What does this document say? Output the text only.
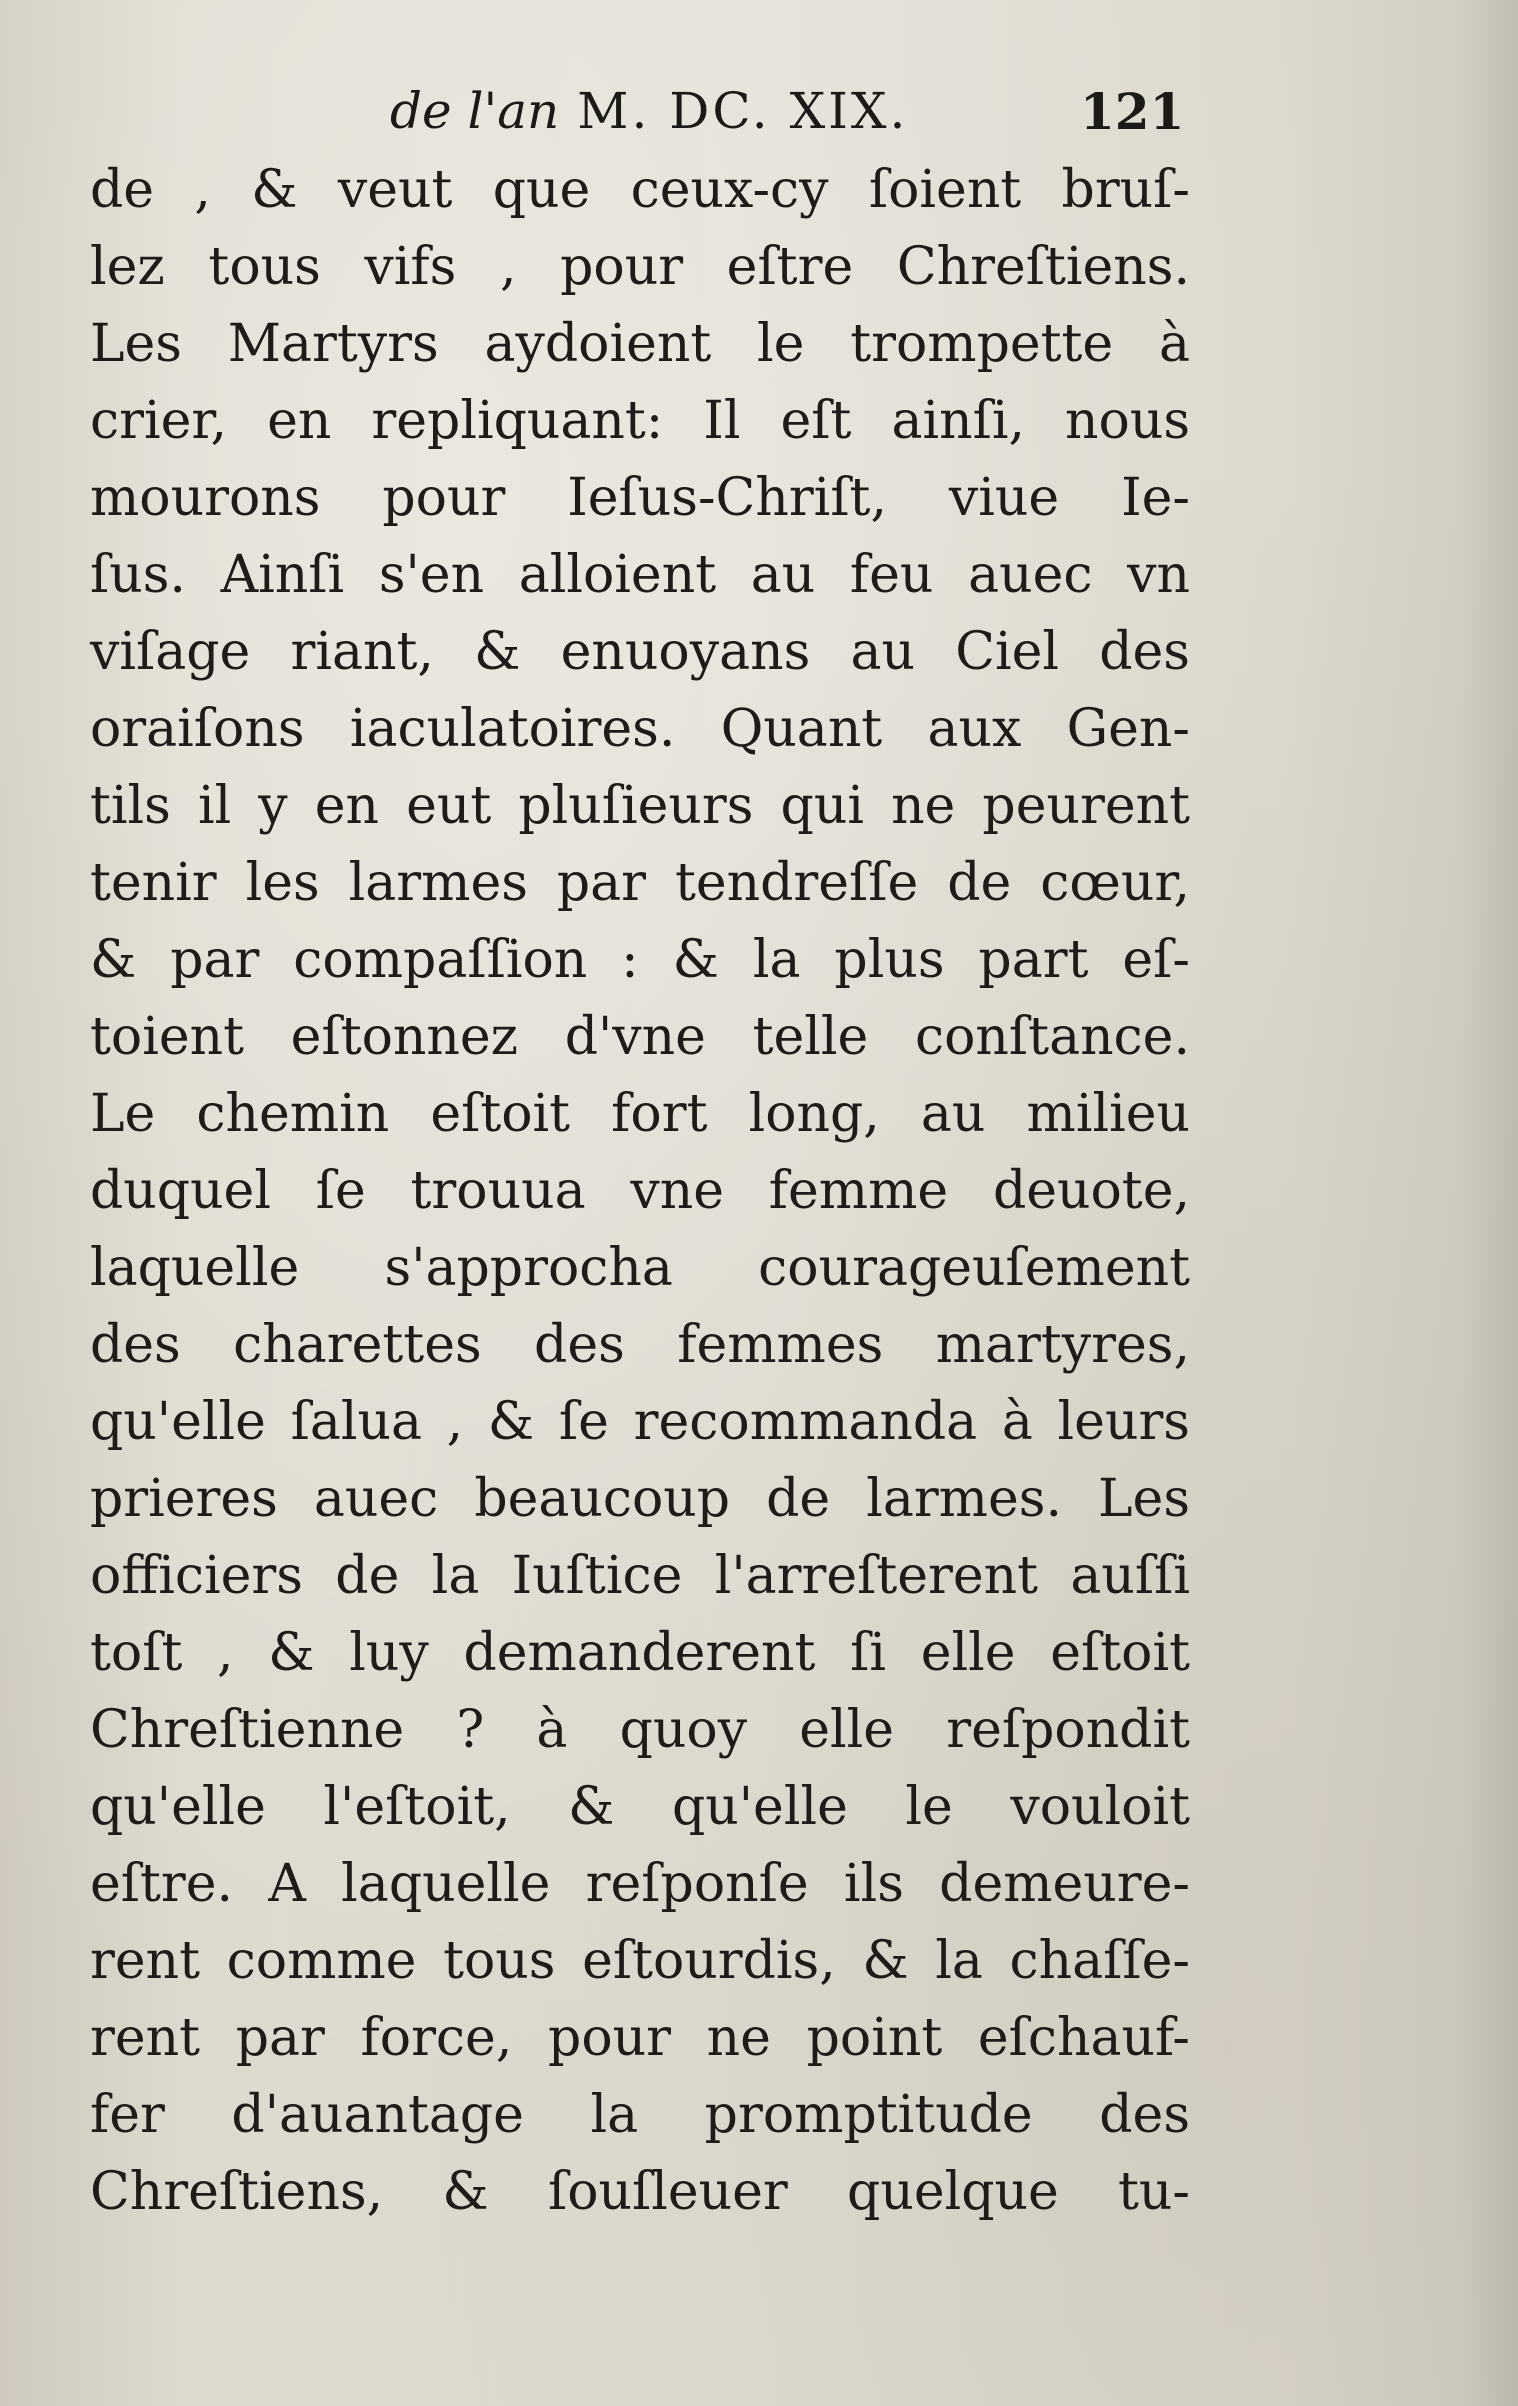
de l'an M. DC. XIX.	121
de , & veut que ceux-cy ſoient bruſ-
lez tous vifs , pour eſtre Chreſtiens.
Les Martyrs aydoient le trompette à
crier, en repliquant: Il eſt ainſi, nous
mourons pour Ieſus-Chriſt, viue Ie-
ſus. Ainſi s'en alloient au feu auec vn
viſage riant, & enuoyans au Ciel des
oraiſons iaculatoires. Quant aux Gen-
tils il y en eut pluſieurs qui ne peurent
tenir les larmes par tendreſſe de cœur,
& par compaſſion : & la plus part eſ-
toient eſtonnez d'vne telle conſtance.
Le chemin eſtoit fort long, au milieu
duquel ſe trouua vne femme deuote,
laquelle s'approcha courageuſement
des charettes des femmes martyres,
qu'elle ſalua , & ſe recommanda à leurs
prieres auec beaucoup de larmes. Les
officiers de la Iuſtice l'arreſterent auſſi
toſt , & luy demanderent ſi elle eſtoit
Chreſtienne ? à quoy elle reſpondit
qu'elle l'eſtoit, & qu'elle le vouloit
eſtre. A laquelle reſponſe ils demeure-
rent comme tous eſtourdis, & la chaſſe-
rent par force, pour ne point eſchauf-
fer d'auantage la promptitude des
Chreſtiens, & ſouſleuer quelque tu-
